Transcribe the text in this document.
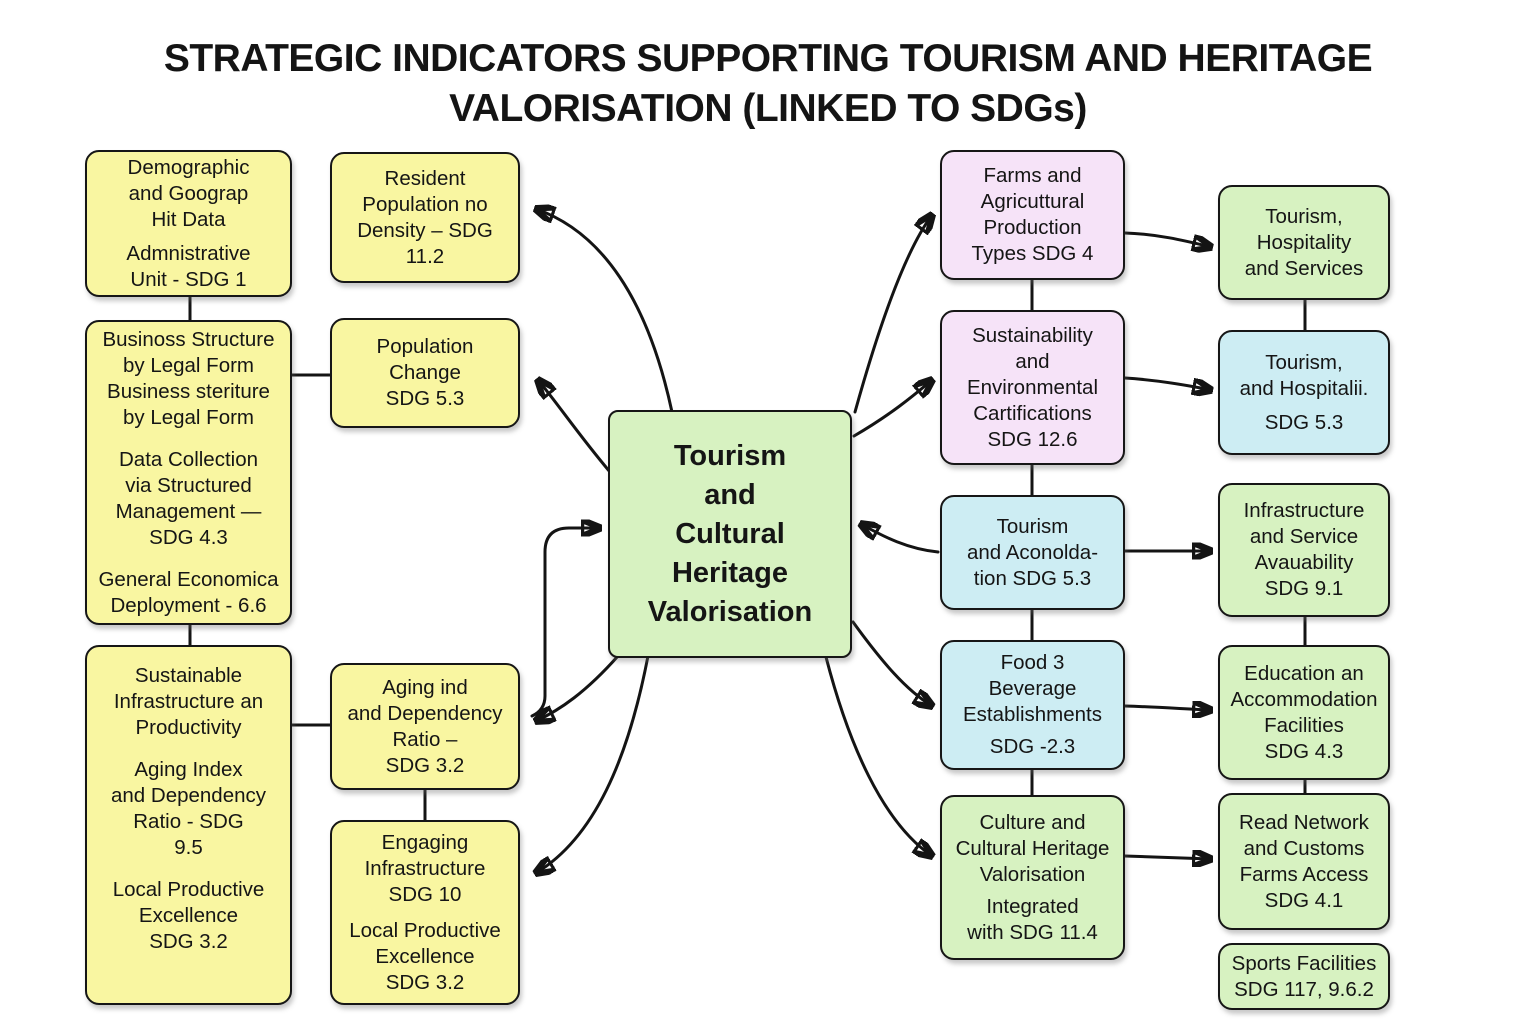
STRATEGIC INDICATORS SUPPORTING TOURISM AND HERITAGE
VALORISATION (LINKED TO SDGs)
Demographic
and Goograp
Hit Data
Admnistrative
Unit - SDG 1
Businoss Structure
by Legal Form
Business steriture
by Legal Form
Data Collection
via Structured
Management —
SDG 4.3
General Economica
Deployment - 6.6
Sustainable
Infrastructure an
Productivity
Aging Index
and Dependency
Ratio - SDG
9.5
Local Productive
Excellence
SDG 3.2
Resident
Population no
Density – SDG
11.2
Population
Change
SDG 5.3
Aging ind
and Dependency
Ratio –
SDG 3.2
Engaging
Infrastructure
SDG 10
Local Productive
Excellence
SDG 3.2
Tourism
and
Cultural
Heritage
Valorisation
Farms and
Agricuttural
Production
Types SDG 4
Sustainability
and
Environmental
Cartifications
SDG 12.6
Tourism
and Aconolda-
tion SDG 5.3
Food 3
Beverage
Establishments
SDG -2.3
Culture and
Cultural Heritage
Valorisation
Integrated
with SDG 11.4
Tourism,
Hospitality
and Services
Tourism,
and Hospitalii.
SDG 5.3
Infrastructure
and Service
Avauability
SDG 9.1
Education an
Accommodation
Facilities
SDG 4.3
Read Network
and Customs
Farms Access
SDG 4.1
Sports Facilities
SDG 117, 9.6.2
